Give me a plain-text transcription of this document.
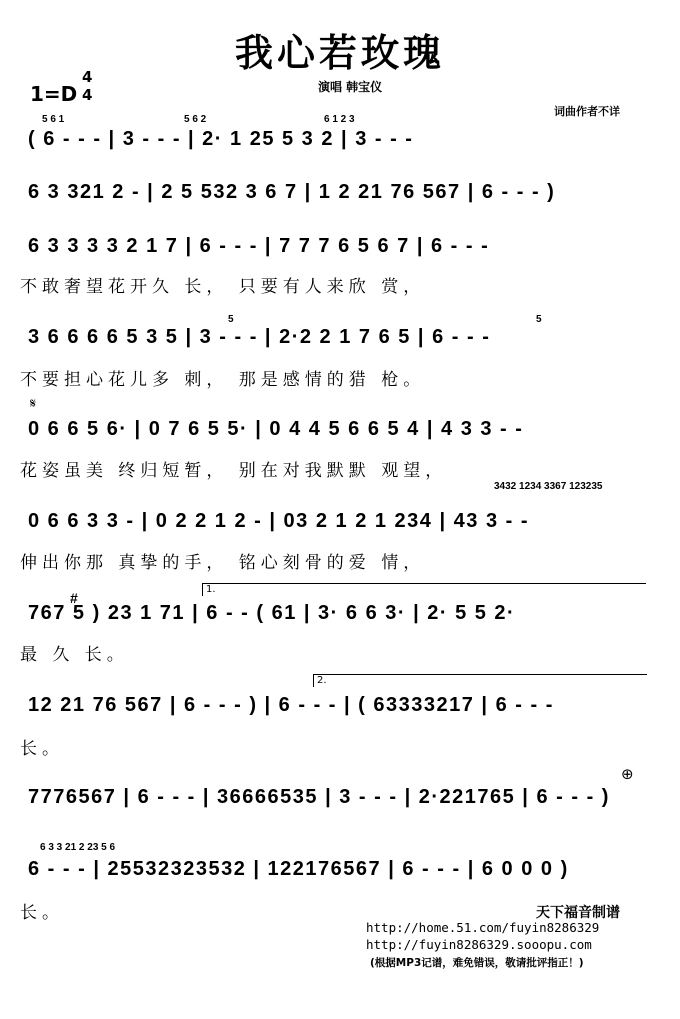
我心若玫瑰
1=D
4
4	演唱 韩宝仪
词曲作者不详
5 6 1	5 6 2	6 1 2 3
( 6 - - - | 3 - - - | 2· 1 25 5 3 2 | 3 - - -
6 3 321 2 - | 2 5 532 3 6 7 | 1 2 21 76 567 | 6 - - - )
6 3 3 3 3 2 1 7 | 6 - - - | 7 7 7 6 5 6 7 | 6 - - -
不敢奢望花开久 长， 只要有人来欣 赏，
5	5
3 6 6 6 6 5 3 5 | 3 - - - | 2·2 2 1 7 6 5 | 6 - - -
不要担心花儿多 刺， 那是感情的猎 枪。
𝄋
0 6 6 5 6· | 0 7 6 5 5· | 0 4 4 5 6 6 5 4 | 4 3 3 - -
花姿虽美 终归短暂， 别在对我默默 观望，
3432 1234 3367 123235
0 6 6 3 3 - | 0 2 2 1 2 - | 03 2 1 2 1 234 | 43 3 - -
伸出你那 真挚的手， 铭心刻骨的爱 情，
1.
#
767 5 ) 23 1 71 | 6 - - ( 61 | 3· 6 6 3· | 2· 5 5 2·
最 久 长。
2.
12 21 76 567 | 6 - - - ) | 6 - - - | ( 63333217 | 6 - - -
长。
⊕
7776567 | 6 - - - | 36666535 | 3 - - - | 2·221765 | 6 - - - )
6 3 3 21 2 23 5 6
6 - - - | 25532323532 | 122176567 | 6 - - - | 6 0 0 0 )
长。	天下福音制谱
http://home.51.com/fuyin8286329
http://fuyin8286329.sooopu.com
(根据MP3记谱，难免错误，敬请批评指正！)
